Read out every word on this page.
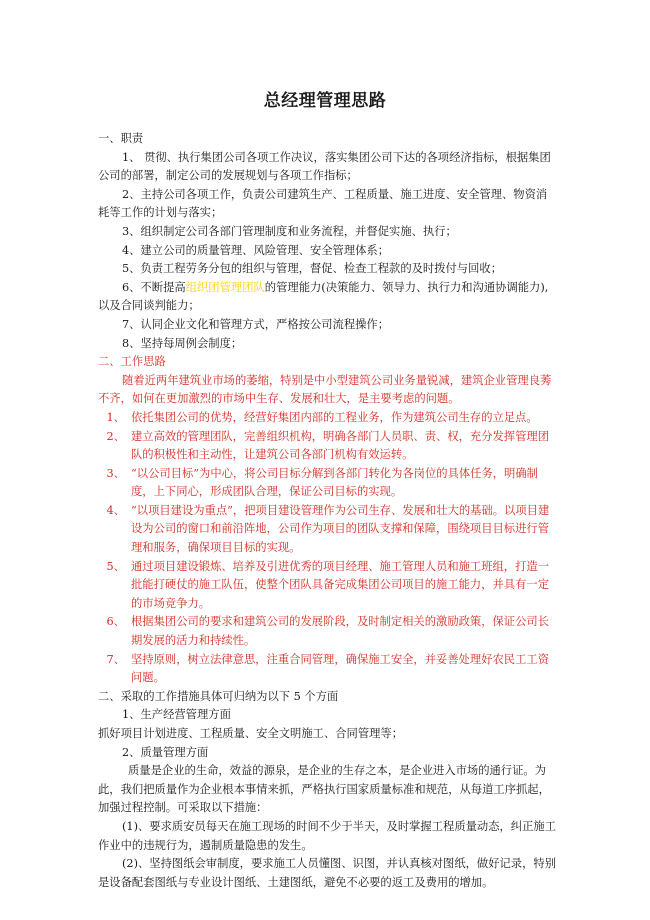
总经理管理思路

一、职责

1、 贯彻、执行集团公司各项工作决议，落实集团公司下达的各项经济指标，根据集团公司的部署，制定公司的发展规划与各项工作指标；

2、主持公司各项工作，负责公司建筑生产、工程质量、施工进度、安全管理、物资消耗等工作的计划与落实；

3、组织制定公司各部门管理制度和业务流程，并督促实施、执行；

4、建立公司的质量管理、风险管理、安全管理体系；

5、负责工程劳务分包的组织与管理，督促、检查工程款的及时拨付与回收；

6、不断提高组织团管理团队的管理能力(决策能力、领导力、执行力和沟通协调能力),以及合同谈判能力；

7、认同企业文化和管理方式，严格按公司流程操作；

8、坚持每周例会制度；

二、工作思路

随着近两年建筑业市场的萎缩，特别是中小型建筑公司业务量锐减，建筑企业管理良莠不齐，如何在更加激烈的市场中生存、发展和壮大，是主要考虑的问题。

1、 依托集团公司的优势，经营好集团内部的工程业务，作为建筑公司生存的立足点。
2、 建立高效的管理团队，完善组织机构，明确各部门人员职、责、权，充分发挥管理团队的积极性和主动性，让建筑公司各部门机构有效运转。
3、 “以公司目标”为中心，将公司目标分解到各部门转化为各岗位的具体任务，明确制度，上下同心，形成团队合理，保证公司目标的实现。
4、 “以项目建设为重点”，把项目建设管理作为公司生存、发展和壮大的基础。以项目建设为公司的窗口和前沿阵地，公司作为项目的团队支撑和保障，围绕项目目标进行管理和服务，确保项目目标的实现。
5、 通过项目建设锻炼、培养及引进优秀的项目经理、施工管理人员和施工班组，打造一批能打硬仗的施工队伍，使整个团队具备完成集团公司项目的施工能力，并具有一定的市场竞争力。
6、 根据集团公司的要求和建筑公司的发展阶段，及时制定相关的激励政策，保证公司长期发展的活力和持续性。
7、 坚持原则，树立法律意思，注重合同管理，确保施工安全，并妥善处理好农民工工资问题。

二、采取的工作措施具体可归纳为以下 5 个方面

1、生产经营管理方面

抓好项目计划进度、工程质量、安全文明施工、合同管理等；

2、质量管理方面

质量是企业的生命，效益的源泉，是企业的生存之本，是企业进入市场的通行证。为此，我们把质量作为企业根本事情来抓，严格执行国家质量标准和规范，从每道工序抓起，加强过程控制。可采取以下措施：

(1)、要求质安员每天在施工现场的时间不少于半天，及时掌握工程质量动态，纠正施工作业中的违规行为，遏制质量隐患的发生。

(2)、坚持图纸会审制度，要求施工人员懂图、识图，并认真核对图纸，做好记录，特别是设备配套图纸与专业设计图纸、土建图纸，避免不必要的返工及费用的增加。
